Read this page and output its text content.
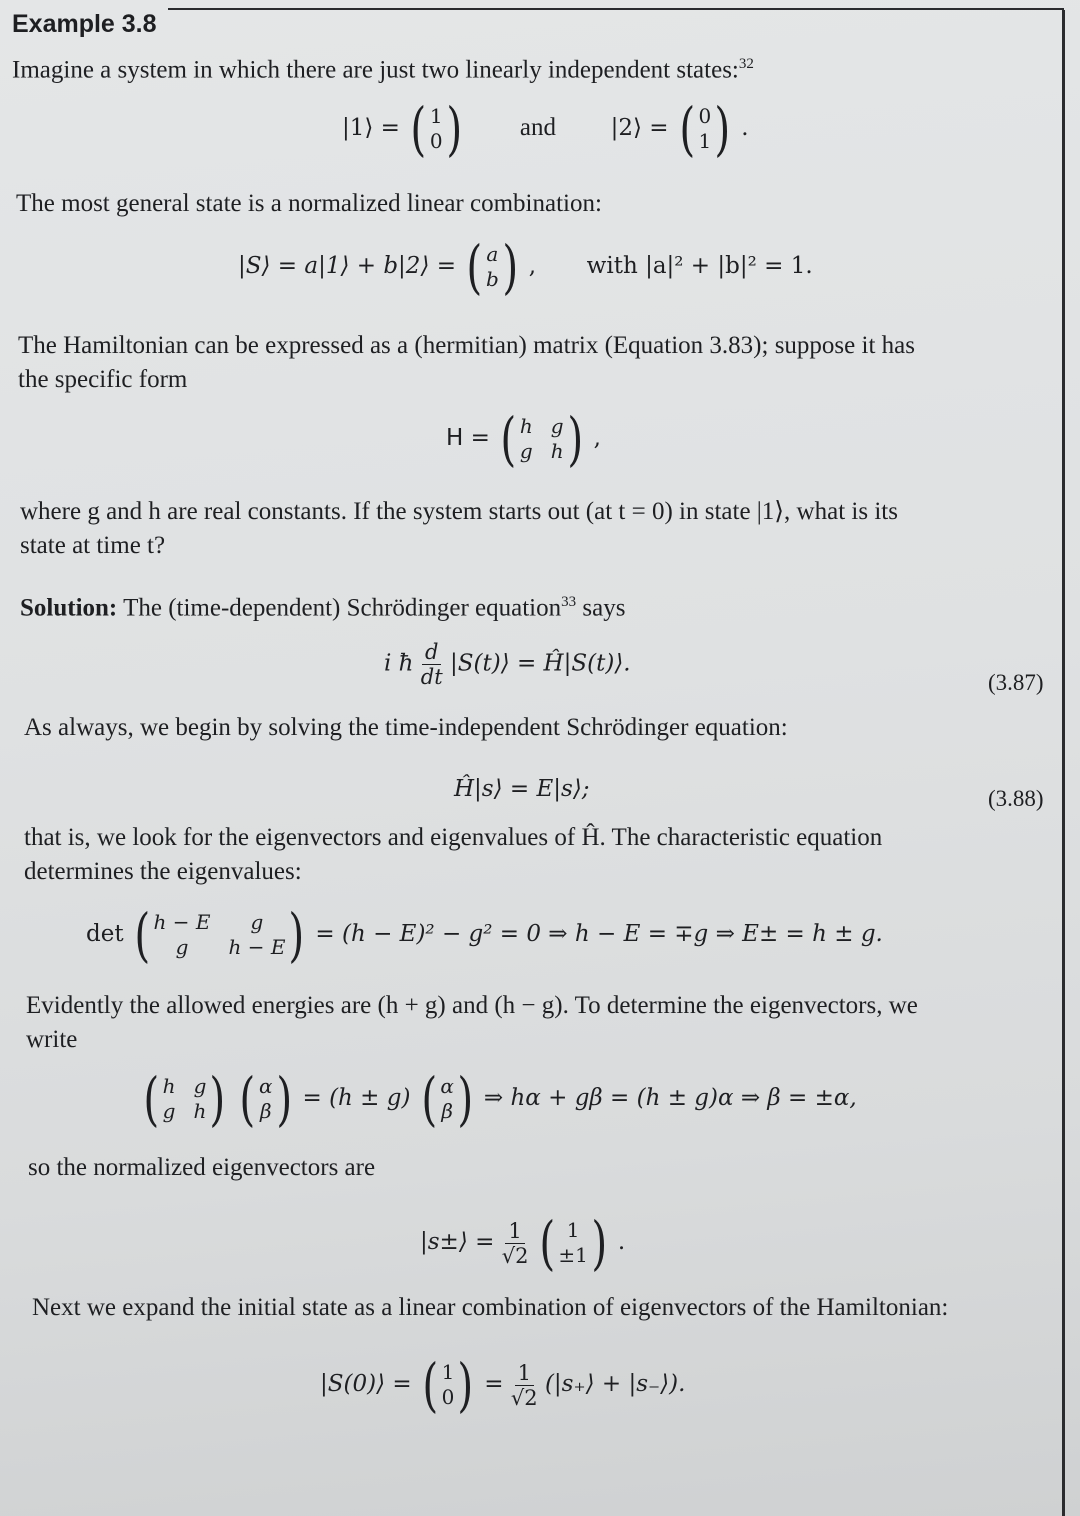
Example 3.8
Imagine a system in which there are just two linearly independent states:$^{32}$
|1⟩ = ( 1
0 ) and |2⟩ = ( 0
1 ) .
The most general state is a normalized linear combination:
|S⟩ = a|1⟩ + b|2⟩ = ( a
b ) , with |a|² + |b|² = 1.
The Hamiltonian can be expressed as a (hermitian) matrix (Equation 3.83); suppose it has
the specific form
H = ( h g
g h ) ,
where g and h are real constants. If the system starts out (at t = 0) in state |1⟩, what is its
state at time t?
Solution: The (time-dependent) Schrödinger equation$^{33}$ says
i ħ $\frac{d}{dt}$ |S(t)⟩ = Ĥ|S(t)⟩.
(3.87)
As always, we begin by solving the time-independent Schrödinger equation:
Ĥ|s⟩ = E|s⟩;	(3.88)
that is, we look for the eigenvectors and eigenvalues of Ĥ. The characteristic equation
determines the eigenvalues:
det ( h − E	g
g	h − E ) = (h − E)² − g² = 0 ⇒ h − E = ∓g ⇒ E± = h ± g.
Evidently the allowed energies are (h + g) and (h − g). To determine the eigenvectors, we
write
( h g
g h )
( α
β ) = (h ± g) ( α
β ) ⇒ hα + gβ = (h ± g)α ⇒ β = ±α,
so the normalized eigenvectors are
|s±⟩ = $\frac{1}{√2}$
( 1
±1 ) .
Next we expand the initial state as a linear combination of eigenvectors of the Hamiltonian:
|S(0)⟩ = ( 1
0 ) = $\frac{1}{√2}$ (|s₊⟩ + |s₋⟩).
